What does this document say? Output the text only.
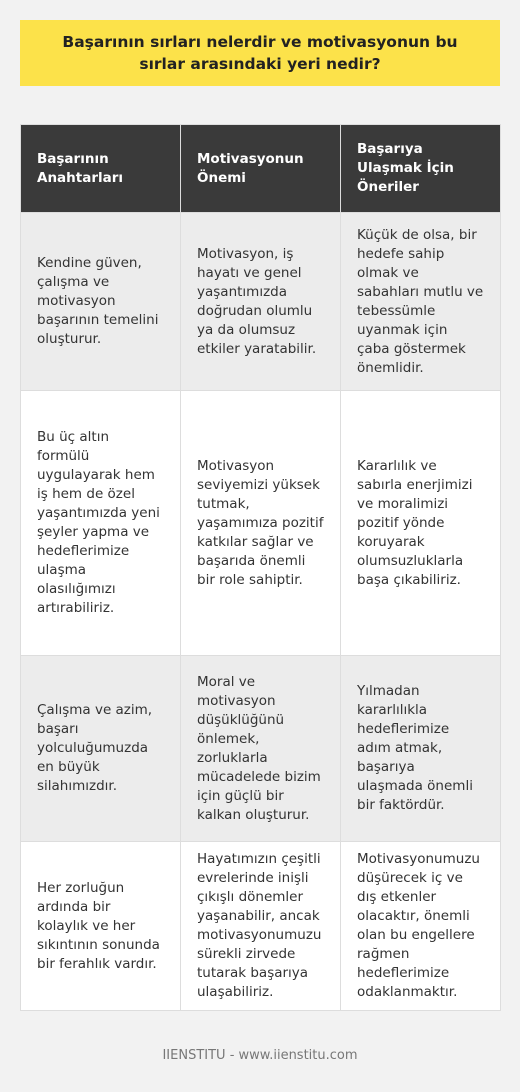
Başarının sırları nelerdir ve motivasyonun bu sırlar arasındaki yeri nedir?
Başarının Anahtarları	Motivasyonun Önemi	Başarıya Ulaşmak İçin Öneriler
Kendine güven, çalışma ve motivasyon başarının temelini oluşturur.	Motivasyon, iş hayatı ve genel yaşantımızda doğrudan olumlu ya da olumsuz etkiler yaratabilir.	Küçük de olsa, bir hedefe sahip olmak ve sabahları mutlu ve tebessümle uyanmak için çaba göstermek önemlidir.
Bu üç altın formülü uygulayarak hem iş hem de özel yaşantımızda yeni şeyler yapma ve hedeflerimize ulaşma olasılığımızı artırabiliriz.	Motivasyon seviyemizi yüksek tutmak, yaşamımıza pozitif katkılar sağlar ve başarıda önemli bir role sahiptir.	Kararlılık ve sabırla enerjimizi ve moralimizi pozitif yönde koruyarak olumsuzluklarla başa çıkabiliriz.
Çalışma ve azim, başarı yolculuğumuzda en büyük silahımızdır.	Moral ve motivasyon düşüklüğünü önlemek, zorluklarla mücadelede bizim için güçlü bir kalkan oluşturur.	Yılmadan kararlılıkla hedeflerimize adım atmak, başarıya ulaşmada önemli bir faktördür.
Her zorluğun ardında bir kolaylık ve her sıkıntının sonunda bir ferahlık vardır.	Hayatımızın çeşitli evrelerinde inişli çıkışlı dönemler yaşanabilir, ancak motivasyonumuzu sürekli zirvede tutarak başarıya ulaşabiliriz.	Motivasyonumuzu düşürecek iç ve dış etkenler olacaktır, önemli olan bu engellere rağmen hedeflerimize odaklanmaktır.
IIENSTITU - www.iienstitu.com
